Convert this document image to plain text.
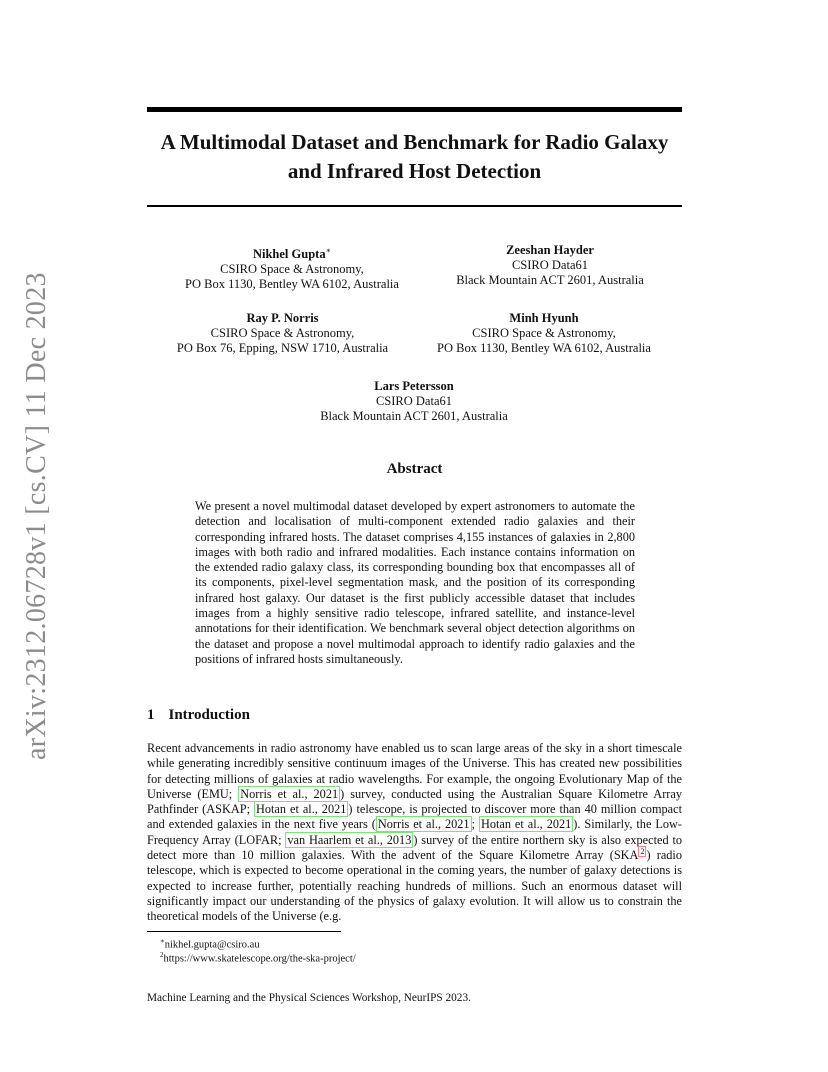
arXiv:2312.06728v1 [cs.CV] 11 Dec 2023
A Multimodal Dataset and Benchmark for Radio Galaxy and Infrared Host Detection
Nikhel Gupta∗
CSIRO Space & Astronomy,
PO Box 1130, Bentley WA 6102, Australia
Zeeshan Hayder
CSIRO Data61
Black Mountain ACT 2601, Australia
Ray P. Norris
CSIRO Space & Astronomy,
PO Box 76, Epping, NSW 1710, Australia
Minh Hyunh
CSIRO Space & Astronomy,
PO Box 1130, Bentley WA 6102, Australia
Lars Petersson
CSIRO Data61
Black Mountain ACT 2601, Australia
Abstract
We present a novel multimodal dataset developed by expert astronomers to automate the detection and localisation of multi-component extended radio galaxies and their corresponding infrared hosts. The dataset comprises 4,155 instances of galaxies in 2,800 images with both radio and infrared modalities. Each instance contains information on the extended radio galaxy class, its corresponding bounding box that encompasses all of its components, pixel-level segmentation mask, and the position of its corresponding infrared host galaxy. Our dataset is the first publicly accessible dataset that includes images from a highly sensitive radio telescope, infrared satellite, and instance-level annotations for their identification. We benchmark several object detection algorithms on the dataset and propose a novel multimodal approach to identify radio galaxies and the positions of infrared hosts simultaneously.
1 Introduction
Recent advancements in radio astronomy have enabled us to scan large areas of the sky in a short timescale while generating incredibly sensitive continuum images of the Universe. This has created new possibilities for detecting millions of galaxies at radio wavelengths. For example, the ongoing Evolutionary Map of the Universe (EMU; Norris et al., 2021 ) survey, conducted using the Australian Square Kilometre Array Pathfinder (ASKAP; Hotan et al., 2021 ) telescope, is projected to discover more than 40 million compact and extended galaxies in the next five years ( Norris et al., 2021 ; Hotan et al., 2021 ). Similarly, the Low-Frequency Array (LOFAR; van Haarlem et al., 2013 ) survey of the entire northern sky is also expected to detect more than 10 million galaxies. With the advent of the Square Kilometre Array (SKA $^2$ ) radio telescope, which is expected to become operational in the coming years, the number of galaxy detections is expected to increase further, potentially reaching hundreds of millions. Such an enormous dataset will significantly impact our understanding of the physics of galaxy evolution. It will allow us to constrain the theoretical models of the Universe (e.g.
∗nikhel.gupta@csiro.au
$^2$https://www.skatelescope.org/the-ska-project/
Machine Learning and the Physical Sciences Workshop, NeurIPS 2023.
